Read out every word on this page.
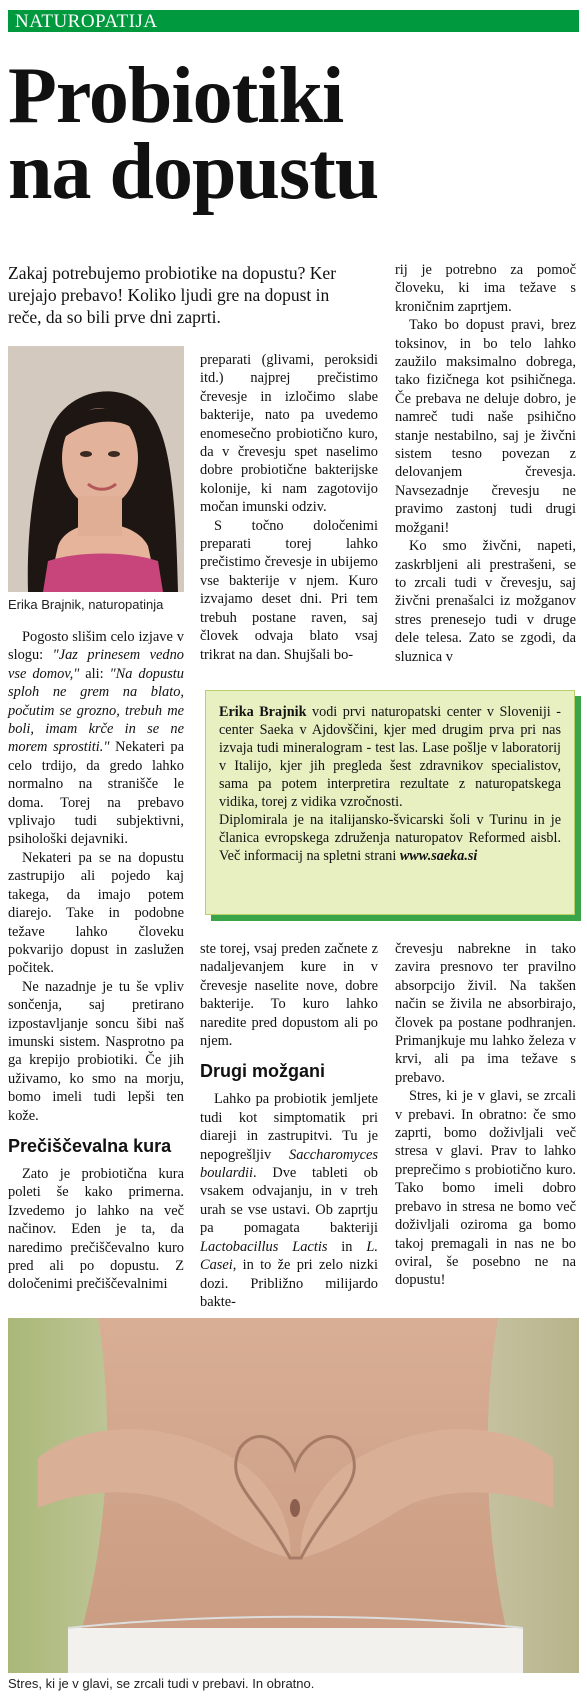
NATUROPATIJA
Probiotiki
na dopustu

Zakaj potrebujemo probiotike na dopustu? Ker urejajo prebavo! Koliko ljudi gre na dopust in reče, da so bili prve dni zaprti.

Erika Brajnik, naturopatinja

Pogosto slišim celo izjave v slogu: "Jaz prinesem vedno vse domov," ali: "Na dopustu sploh ne grem na blato, počutim se grozno, trebuh me boli, imam krče in se ne morem sprostiti." Nekateri pa celo trdijo, da gredo lahko normalno na stranišče le doma. Torej na prebavo vplivajo tudi subjektivni, psihološki dejavniki.

Nekateri pa se na dopustu zastrupijo ali pojedo kaj takega, da imajo potem diarejo. Take in podobne težave lahko človeku pokvarijo dopust in zaslužen počitek.

Ne nazadnje je tu še vpliv sončenja, saj pretirano izpostavljanje soncu šibi naš imunski sistem. Nasprotno pa ga krepijo probiotiki. Če jih uživamo, ko smo na morju, bomo imeli tudi lepši ten kože.

Prečiščevalna kura

Zato je probiotična kura poleti še kako primerna. Izvedemo jo lahko na več načinov. Eden je ta, da naredimo prečiščevalno kuro pred ali po dopustu. Z določenimi prečiščevalnimi

preparati (glivami, peroksidi itd.) najprej prečistimo črevesje in izločimo slabe bakterije, nato pa uvedemo enomesečno probiotično kuro, da v črevesju spet naselimo dobre probiotične bakterijske kolonije, ki nam zagotovijo močan imunski odziv.

S točno določenimi preparati torej lahko prečistimo črevesje in ubijemo vse bakterije v njem. Kuro izvajamo deset dni. Pri tem trebuh postane raven, saj človek odvaja blato vsaj trikrat na dan. Shujšali bo-

rij je potrebno za pomoč človeku, ki ima težave s kroničnim zaprtjem.

Tako bo dopust pravi, brez toksinov, in bo telo lahko zaužilo maksimalno dobrega, tako fizičnega kot psihičnega. Če prebava ne deluje dobro, je namreč tudi naše psihično stanje nestabilno, saj je živčni sistem tesno povezan z delovanjem črevesja. Navsezadnje črevesju ne pravimo zastonj tudi drugi možgani!

Ko smo živčni, napeti, zaskrbljeni ali prestrašeni, se to zrcali tudi v črevesju, saj živčni prenašalci iz možganov stres prenesejo tudi v druge dele telesa. Zato se zgodi, da sluznica v

Erika Brajnik vodi prvi naturopatski center v Sloveniji - center Saeka v Ajdovščini, kjer med drugim prva pri nas izvaja tudi mineralogram - test las. Lase pošlje v laboratorij v Italijo, kjer jih pregleda šest zdravnikov specialistov, sama pa potem interpretira rezultate z naturopatskega vidika, torej z vidika vzročnosti.

Diplomirala je na italijansko-švicarski šoli v Turinu in je članica evropskega združenja naturopatov Reformed aisbl. Več informacij na spletni strani www.saeka.si

ste torej, vsaj preden začnete z nadaljevanjem kure in v črevesje naselite nove, dobre bakterije. To kuro lahko naredite pred dopustom ali po njem.

Drugi možgani

Lahko pa probiotik jemljete tudi kot simptomatik pri diareji in zastrupitvi. Tu je nepogrešljiv Saccharomyces boulardii. Dve tableti ob vsakem odvajanju, in v treh urah se vse ustavi. Ob zaprtju pa pomagata bakteriji Lactobacillus Lactis in L. Casei, in to že pri zelo nizki dozi. Približno milijardo bakte-

črevesju nabrekne in tako zavira presnovo ter pravilno absorpcijo živil. Na takšen način se živila ne absorbirajo, človek pa postane podhranjen. Primanjkuje mu lahko železa v krvi, ali pa ima težave s prebavo.

Stres, ki je v glavi, se zrcali v prebavi. In obratno: če smo zaprti, bomo doživljali več stresa v glavi. Prav to lahko preprečimo s probiotično kuro. Tako bomo imeli dobro prebavo in stresa ne bomo več doživljali oziroma ga bomo takoj premagali in nas ne bo oviral, še posebno ne na dopustu!

Stres, ki je v glavi, se zrcali tudi v prebavi. In obratno.
